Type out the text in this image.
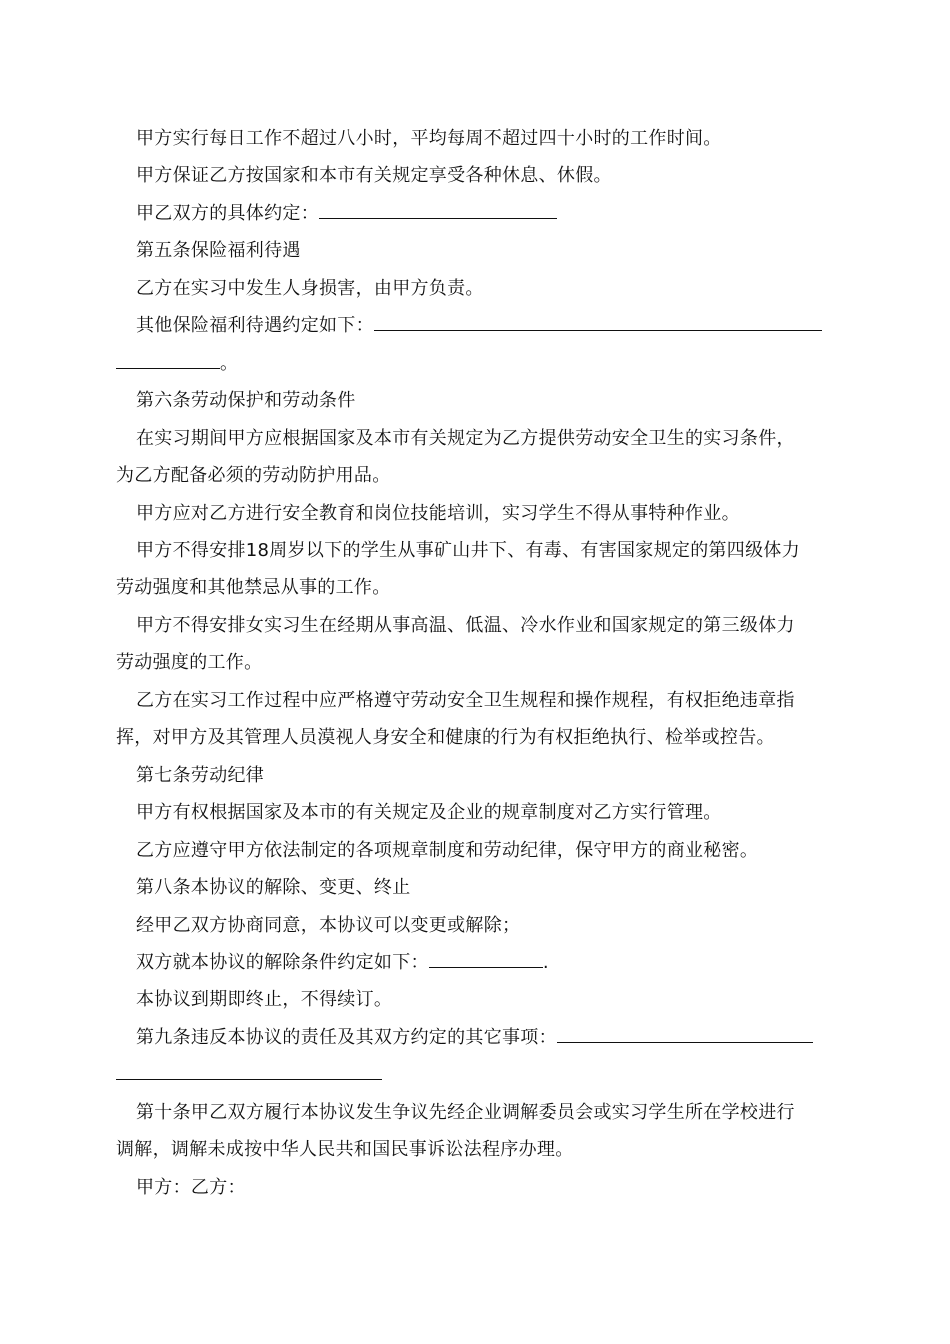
甲方实行每日工作不超过八小时，平均每周不超过四十小时的工作时间。
甲方保证乙方按国家和本市有关规定享受各种休息、休假。
甲乙双方的具体约定：
第五条保险福利待遇
乙方在实习中发生人身损害，由甲方负责。
其他保险福利待遇约定如下：
。
第六条劳动保护和劳动条件
在实习期间甲方应根据国家及本市有关规定为乙方提供劳动安全卫生的实习条件，
为乙方配备必须的劳动防护用品。
甲方应对乙方进行安全教育和岗位技能培训，实习学生不得从事特种作业。
甲方不得安排18周岁以下的学生从事矿山井下、有毒、有害国家规定的第四级体力
劳动强度和其他禁忌从事的工作。
甲方不得安排女实习生在经期从事高温、低温、冷水作业和国家规定的第三级体力
劳动强度的工作。
乙方在实习工作过程中应严格遵守劳动安全卫生规程和操作规程，有权拒绝违章指
挥，对甲方及其管理人员漠视人身安全和健康的行为有权拒绝执行、检举或控告。
第七条劳动纪律
甲方有权根据国家及本市的有关规定及企业的规章制度对乙方实行管理。
乙方应遵守甲方依法制定的各项规章制度和劳动纪律，保守甲方的商业秘密。
第八条本协议的解除、变更、终止
经甲乙双方协商同意，本协议可以变更或解除；
双方就本协议的解除条件约定如下：	.
本协议到期即终止，不得续订。
第九条违反本协议的责任及其双方约定的其它事项：
第十条甲乙双方履行本协议发生争议先经企业调解委员会或实习学生所在学校进行
调解，调解未成按中华人民共和国民事诉讼法程序办理。
甲方：乙方：
